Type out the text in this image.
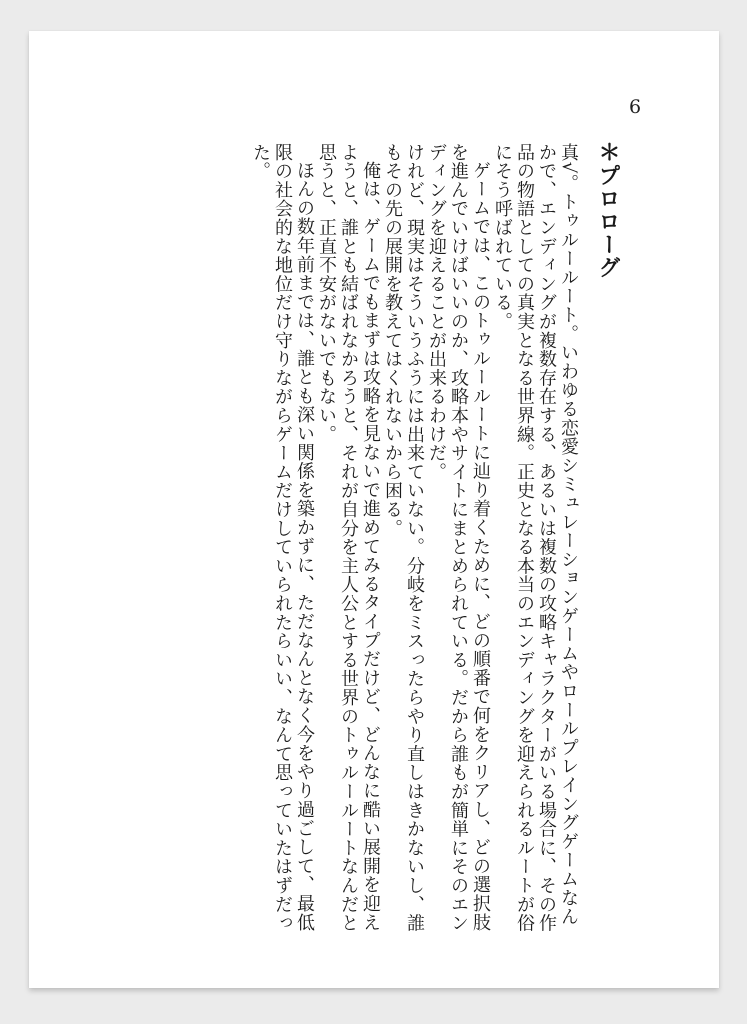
6
＊プロローグ

真√。トゥルールート。いわゆる恋愛シミュレーションゲームやロールプレイングゲームなんかで、エンディングが複数存在する、あるいは複数の攻略キャラクターがいる場合に、その作品の物語としての真実となる世界線。正史となる本当のエンディングを迎えられるルートが俗にそう呼ばれている。

ゲームでは、このトゥルールートに辿り着くために、どの順番で何をクリアし、どの選択肢を進んでいけばいいのか、攻略本やサイトにまとめられている。だから誰もが簡単にそのエンディングを迎えることが出来るわけだ。

けれど、現実はそういうふうには出来ていない。分岐をミスったらやり直しはきかないし、誰もその先の展開を教えてはくれないから困る。

俺は、ゲームでもまずは攻略を見ないで進めてみるタイプだけど、どんなに酷い展開を迎えようと、誰とも結ばれなかろうと、それが自分を主人公とする世界のトゥルールートなんだと思うと、正直不安がないでもない。

ほんの数年前までは、誰とも深い関係を築かずに、ただなんとなく今をやり過ごして、最低限の社会的な地位だけ守りながらゲームだけしていられたらいい、なんて思っていたはずだった。
